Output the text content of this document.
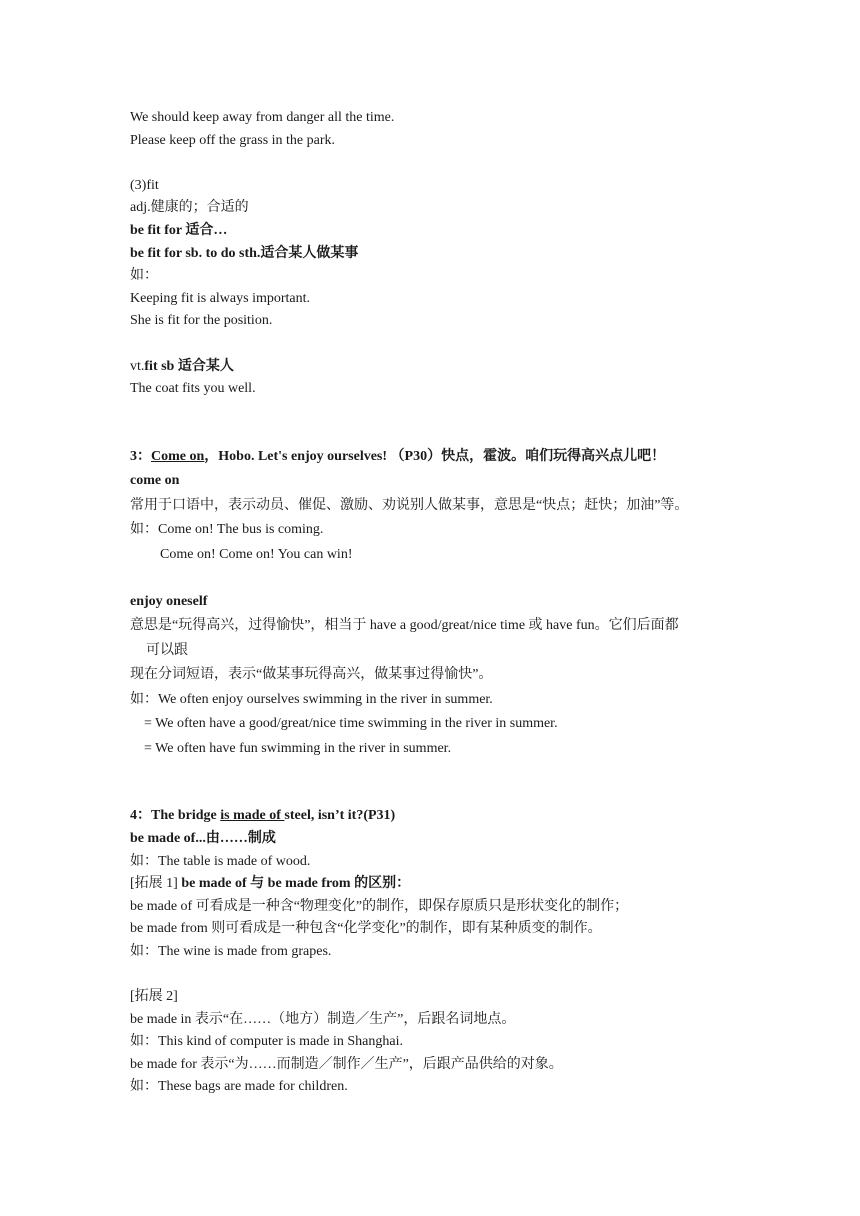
We should keep away from danger all the time.
Please keep off the grass in the park.
(3)fit
adj.健康的；合适的
be fit for 适合…
be fit for sb. to do sth.适合某人做某事
如：
Keeping fit is always important.
She is fit for the position.
vt.fit sb 适合某人
The coat fits you well.
3：Come on，Hobo. Let's enjoy ourselves! （P30）快点，霍波。咱们玩得高兴点儿吧！
come on
常用于口语中，表示动员、催促、激励、劝说别人做某事，意思是“快点；赶快；加油”等。
如：Come on! The bus is coming.
Come on! Come on! You can win!
enjoy oneself
意思是“玩得高兴，过得愉快”，相当于 have a good/great/nice time 或 have fun。它们后面都
可以跟
现在分词短语，表示“做某事玩得高兴，做某事过得愉快”。
如：We often enjoy ourselves swimming in the river in summer.
= We often have a good/great/nice time swimming in the river in summer.
= We often have fun swimming in the river in summer.
4：The bridge is made of steel, isn’t it?(P31)
be made of...由……制成
如：The table is made of wood.
[拓展 1] be made of 与 be made from 的区别：
be made of 可看成是一种含“物理变化”的制作，即保存原质只是形状变化的制作；
be made from 则可看成是一种包含“化学变化”的制作，即有某种质变的制作。
如：The wine is made from grapes.
[拓展 2]
be made in 表示“在……（地方）制造／生产”，后跟名词地点。
如：This kind of computer is made in Shanghai.
be made for 表示“为……而制造／制作／生产”，后跟产品供给的对象。
如：These bags are made for children.
